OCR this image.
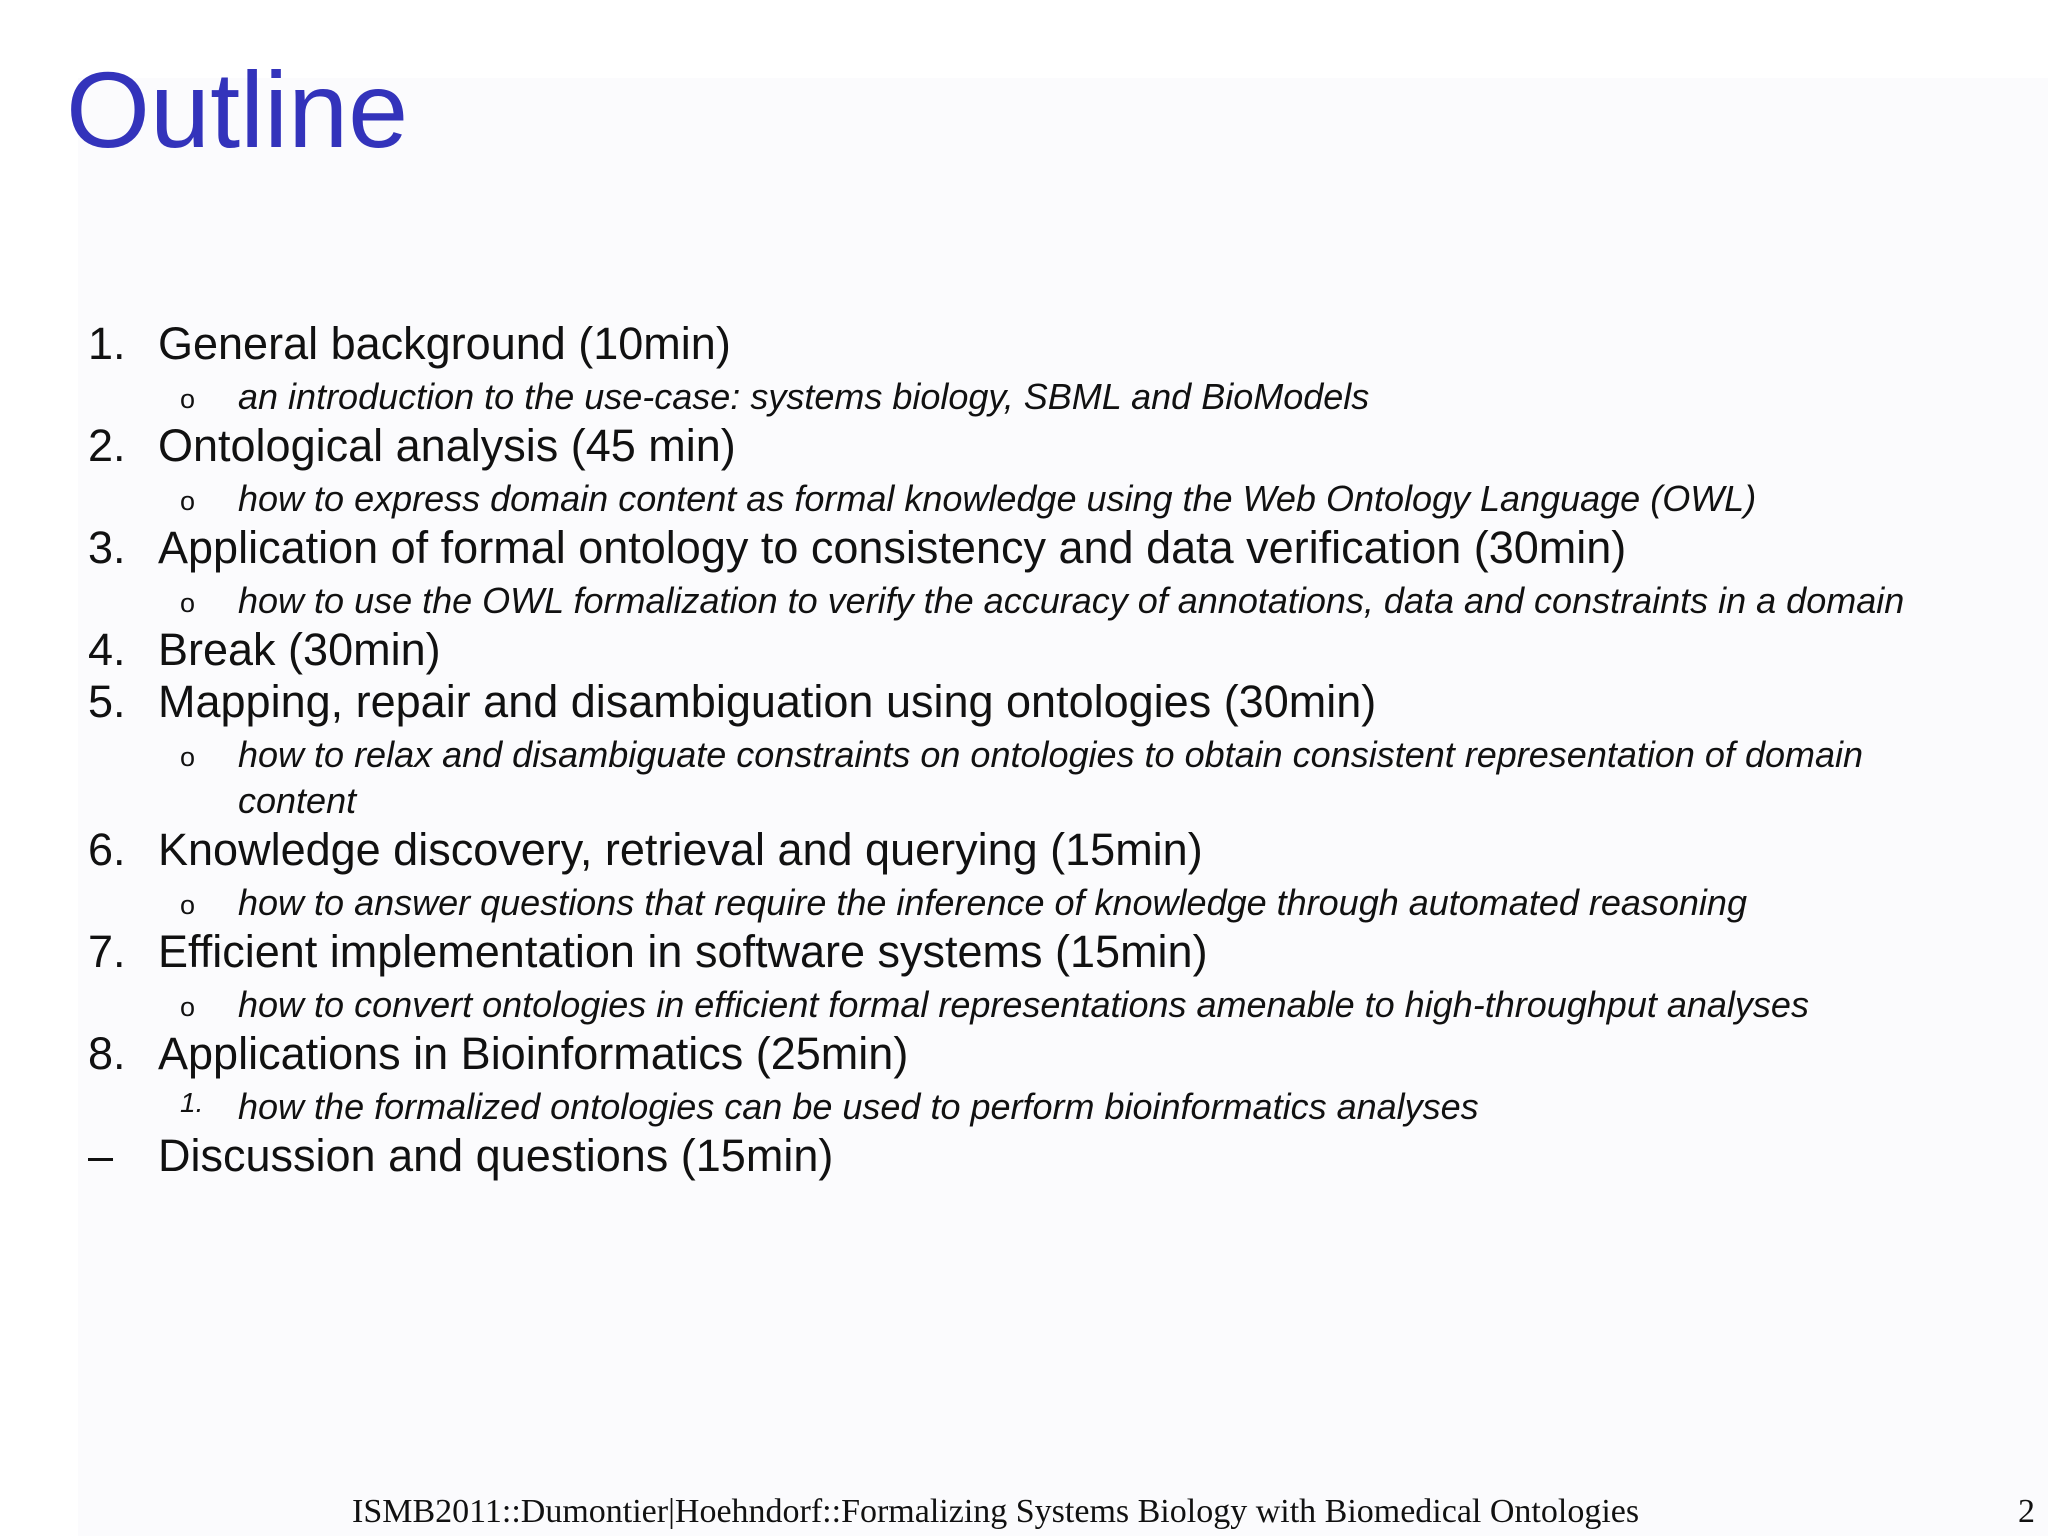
Outline
1. General background (10min)
o an introduction to the use-case: systems biology, SBML and BioModels
2. Ontological analysis (45 min)
o how to express domain content as formal knowledge using the Web Ontology Language (OWL)
3. Application of formal ontology to consistency and data verification (30min)
o how to use the OWL formalization to verify the accuracy of annotations, data and constraints in a domain
4. Break (30min)
5. Mapping, repair and disambiguation using ontologies (30min)
o how to relax and disambiguate constraints on ontologies to obtain consistent representation of domain content
6. Knowledge discovery, retrieval and querying (15min)
o how to answer questions that require the inference of knowledge through automated reasoning
7. Efficient implementation in software systems (15min)
o how to convert ontologies in efficient formal representations amenable to high-throughput analyses
8. Applications in Bioinformatics (25min)
1. how the formalized ontologies can be used to perform bioinformatics analyses
– Discussion and questions (15min)
ISMB2011::Dumontier|Hoehndorf::Formalizing Systems Biology with Biomedical Ontologies	2
